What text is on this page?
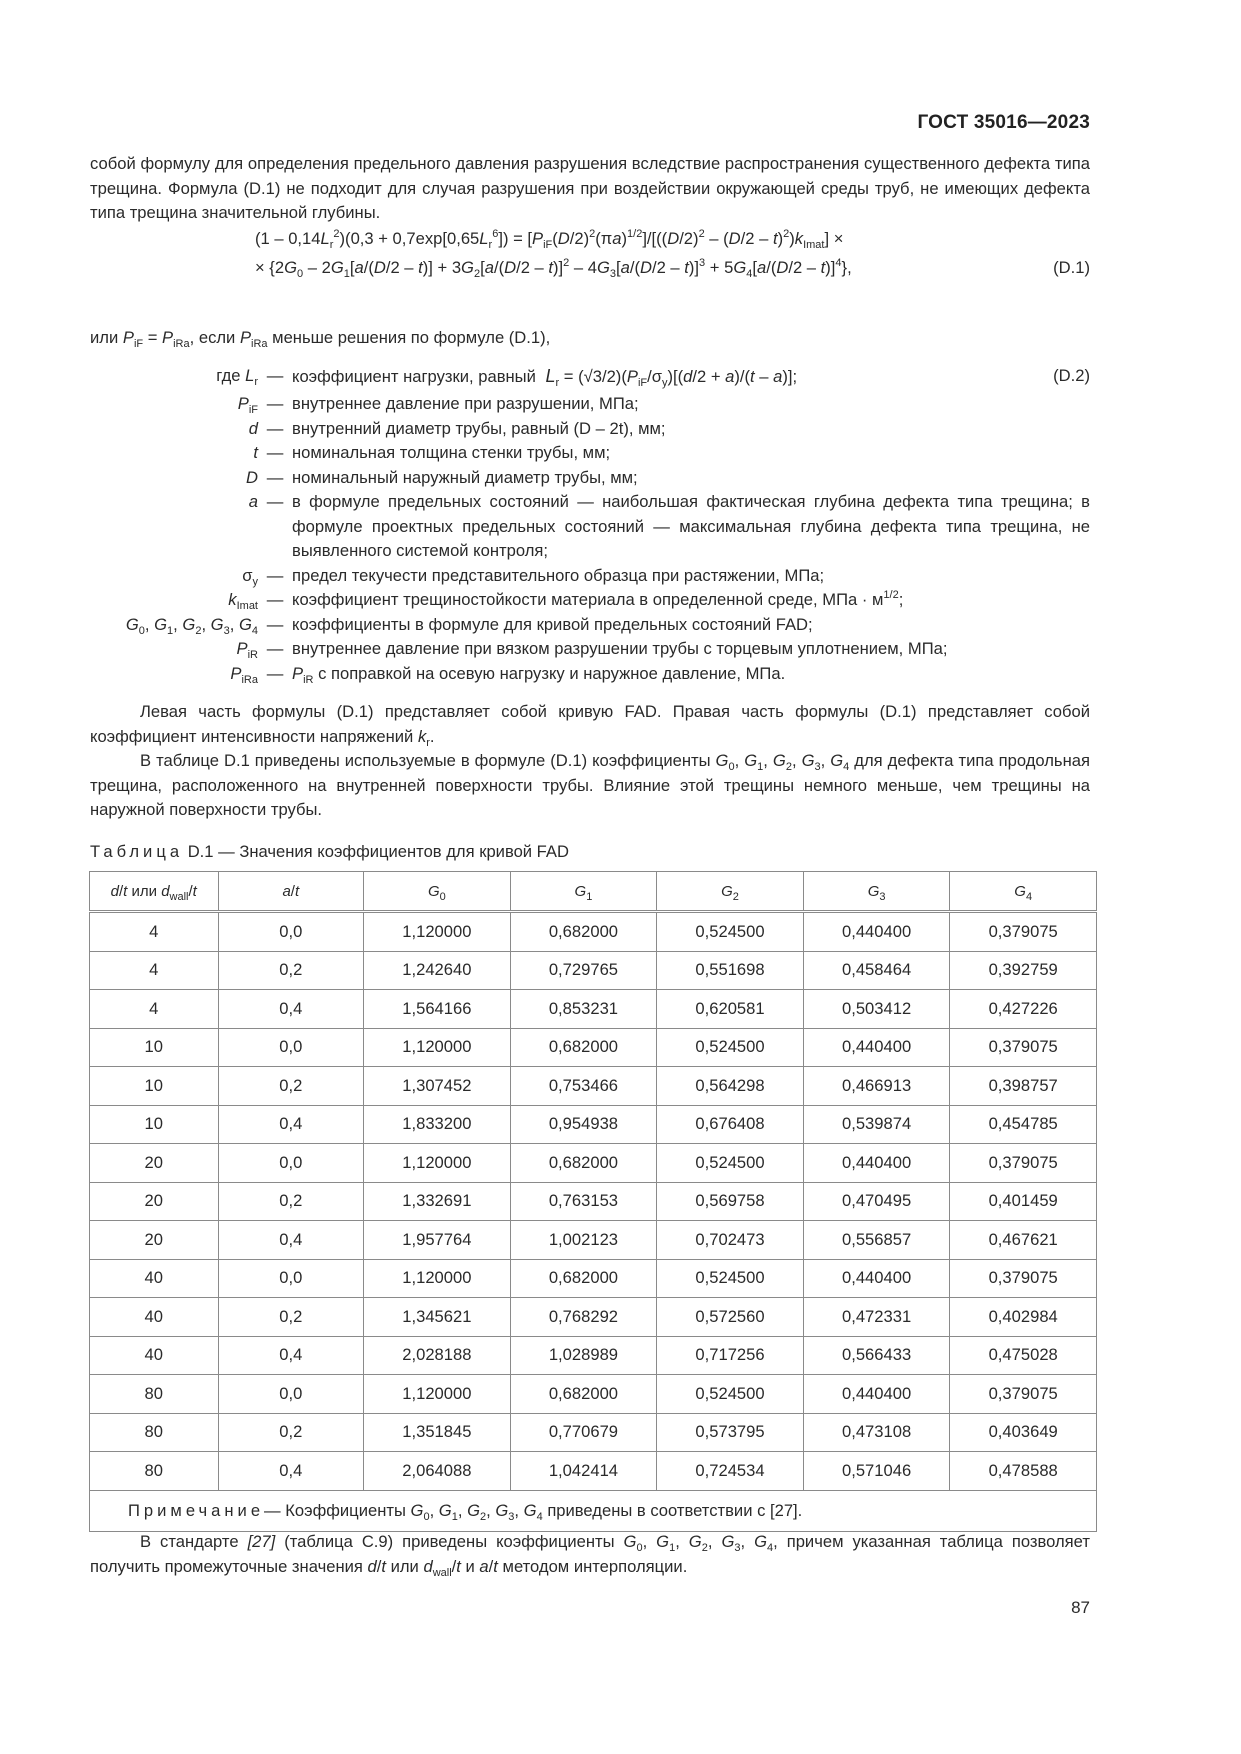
ГОСТ 35016—2023

собой формулу для определения предельного давления разрушения вследствие распространения существенного дефекта типа трещина. Формула (D.1) не подходит для случая разрушения при воздействии окружающей среды труб, не имеющих дефекта типа трещина значительной глубины.

$(1 - 0,14L_r^2)(0,3 + 0,7\exp[0,65L_r^6]) = [P_{iF}(D/2)^2(\pi a)^{1/2}]/[((D/2)^2 - (D/2 - t)^2)k_{Imat}]$ ×
× $\{2G_0 - 2G_1[a/(D/2 - t)] + 3G_2[a/(D/2 - t)]^2 - 4G_3[a/(D/2 - t)]^3 + 5G_4[a/(D/2 - t)]^4\}$,	(D.1)
или $P_{iF} = P_{iRa}$, если $P_{iRa}$ меньше решения по формуле (D.1),
где $L_r$ — коэффициент нагрузки, равный  $L_r = (√3/2)(P_{iF}/\sigma_y)[(d/2 + a)/(t - a)]$;	(D.2)
$P_{iF}$ — внутреннее давление при разрушении, МПа;
d — внутренний диаметр трубы, равный (D – 2t), мм;
t — номинальная толщина стенки трубы, мм;
D — номинальный наружный диаметр трубы, мм;
a — в формуле предельных состояний — наибольшая фактическая глубина дефекта типа трещина; в формуле проектных предельных состояний — максимальная глубина дефекта типа трещина, не выявленного системой контроля;
$\sigma_y$ — предел текучести представительного образца при растяжении, МПа;
$k_{Imat}$ — коэффициент трещиностойкости материала в определенной среде, МПа · $м^{1/2}$;
$G_0$, $G_1$, $G_2$, $G_3$, $G_4$ — коэффициенты в формуле для кривой предельных состояний FAD;
$P_{iR}$ — внутреннее давление при вязком разрушении трубы с торцевым уплотнением, МПа;
$P_{iRa}$ — $P_{iR}$ с поправкой на осевую нагрузку и наружное давление, МПа.

Левая часть формулы (D.1) представляет собой кривую FAD. Правая часть формулы (D.1) представляет собой коэффициент интенсивности напряжений $k_r$.

В таблице D.1 приведены используемые в формуле (D.1) коэффициенты $G_0$, $G_1$, $G_2$, $G_3$, $G_4$ для дефекта типа продольная трещина, расположенного на внутренней поверхности трубы. Влияние этой трещины немного меньше, чем трещины на наружной поверхности трубы.

Таблица D.1 — Значения коэффициентов для кривой FAD

d/t или $d_{wall}/t$	a/t	$G_0$	$G_1$	$G_2$	$G_3$	$G_4$
4	0,0	1,120000	0,682000	0,524500	0,440400	0,379075
4	0,2	1,242640	0,729765	0,551698	0,458464	0,392759
4	0,4	1,564166	0,853231	0,620581	0,503412	0,427226
10	0,0	1,120000	0,682000	0,524500	0,440400	0,379075
10	0,2	1,307452	0,753466	0,564298	0,466913	0,398757
10	0,4	1,833200	0,954938	0,676408	0,539874	0,454785
20	0,0	1,120000	0,682000	0,524500	0,440400	0,379075
20	0,2	1,332691	0,763153	0,569758	0,470495	0,401459
20	0,4	1,957764	1,002123	0,702473	0,556857	0,467621
40	0,0	1,120000	0,682000	0,524500	0,440400	0,379075
40	0,2	1,345621	0,768292	0,572560	0,472331	0,402984
40	0,4	2,028188	1,028989	0,717256	0,566433	0,475028
80	0,0	1,120000	0,682000	0,524500	0,440400	0,379075
80	0,2	1,351845	0,770679	0,573795	0,473108	0,403649
80	0,4	2,064088	1,042414	0,724534	0,571046	0,478588
Примечание— Коэффициенты $G_0$, $G_1$, $G_2$, $G_3$, $G_4$ приведены в соответствии с [27].						

В стандарте [27] (таблица С.9) приведены коэффициенты $G_0$, $G_1$, $G_2$, $G_3$, $G_4$, причем указанная таблица позволяет получить промежуточные значения d/t или $d_{wall}/t$ и a/t методом интерполяции.

87
